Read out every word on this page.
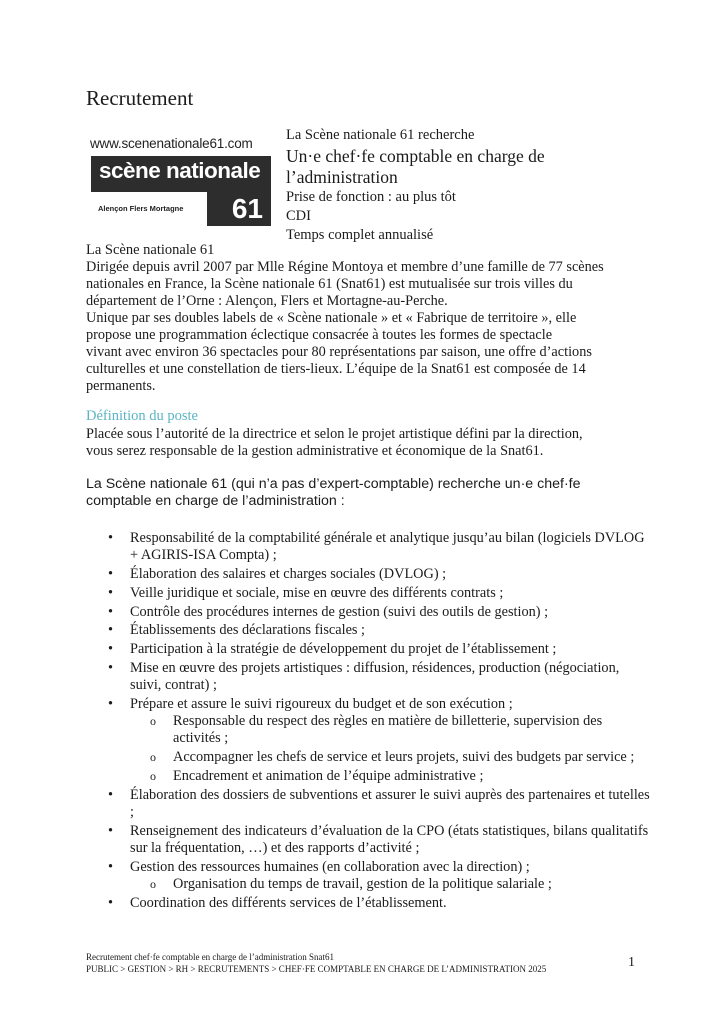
Recrutement
www.scenenationale61.com
scène nationale
Alençon Flers Mortagne	61
La Scène nationale 61 recherche
Un·e chef·fe comptable en charge de l’administration
Prise de fonction : au plus tôt
CDI
Temps complet annualisé
La Scène nationale 61
Dirigée depuis avril 2007 par Mlle Régine Montoya et membre d’une famille de 77 scènes
nationales en France, la Scène nationale 61 (Snat61) est mutualisée sur trois villes du
département de l’Orne : Alençon, Flers et Mortagne-au-Perche.
Unique par ses doubles labels de « Scène nationale » et « Fabrique de territoire », elle
propose une programmation éclectique consacrée à toutes les formes de spectacle
vivant avec environ 36 spectacles pour 80 représentations par saison, une offre d’actions
culturelles et une constellation de tiers-lieux. L’équipe de la Snat61 est composée de 14
permanents.
Définition du poste
Placée sous l’autorité de la directrice et selon le projet artistique défini par la direction,
vous serez responsable de la gestion administrative et économique de la Snat61.
La Scène nationale 61 (qui n’a pas d’expert-comptable) recherche un·e chef·fe
comptable en charge de l’administration :
• Responsabilité de la comptabilité générale et analytique jusqu’au bilan (logiciels DVLOG + AGIRIS-ISA Compta) ;
• Élaboration des salaires et charges sociales (DVLOG) ;
• Veille juridique et sociale, mise en œuvre des différents contrats ;
• Contrôle des procédures internes de gestion (suivi des outils de gestion) ;
• Établissements des déclarations fiscales ;
• Participation à la stratégie de développement du projet de l’établissement ;
• Mise en œuvre des projets artistiques : diffusion, résidences, production (négociation, suivi, contrat) ;
• Prépare et assure le suivi rigoureux du budget et de son exécution ;
o Responsable du respect des règles en matière de billetterie, supervision des activités ;
o Accompagner les chefs de service et leurs projets, suivi des budgets par service ;
o Encadrement et animation de l’équipe administrative ;
• Élaboration des dossiers de subventions et assurer le suivi auprès des partenaires et tutelles ;
• Renseignement des indicateurs d’évaluation de la CPO (états statistiques, bilans qualitatifs sur la fréquentation, …) et des rapports d’activité ;
• Gestion des ressources humaines (en collaboration avec la direction) ;
o Organisation du temps de travail, gestion de la politique salariale ;
• Coordination des différents services de l’établissement.
Recrutement chef·fe comptable en charge de l’administration Snat61
PUBLIC > GESTION > RH > RECRUTEMENTS > CHEF·FE COMPTABLE EN CHARGE DE L’ADMINISTRATION 2025	1
